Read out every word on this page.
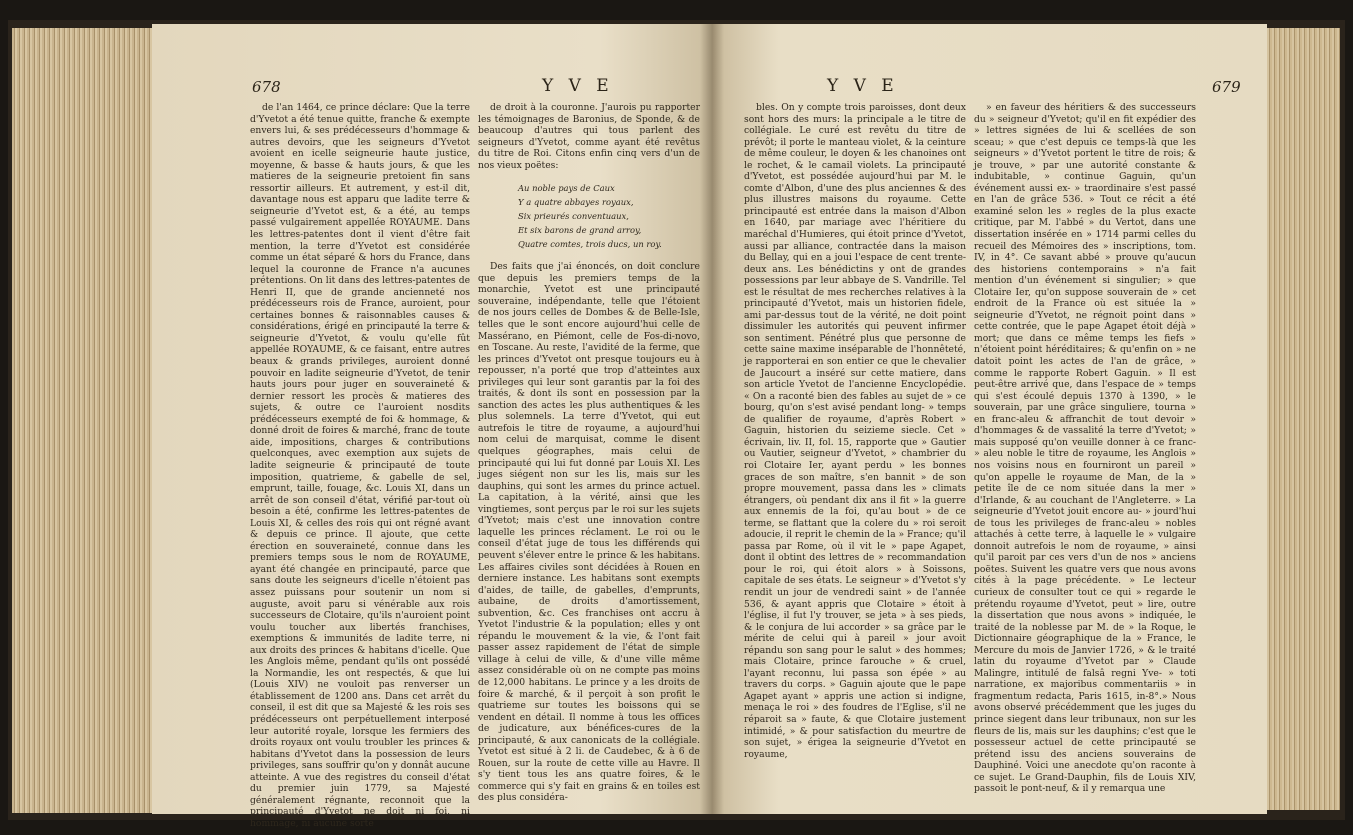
678	Y V E

de l'an 1464, ce prince déclare: Que la terre d'Yvetot a été tenue quitte, franche & exempte envers lui, & ses prédécesseurs d'hommage & autres devoirs, que les seigneurs d'Yvetot avoient en icelle seigneurie haute justice, moyenne, & basse & hauts jours, & que les matieres de la seigneurie pretoient fin sans ressortir ailleurs. Et autrement, y est-il dit, davantage nous est apparu que ladite terre & seigneurie d'Yvetot est, & a été, au temps passé vulgairement appellée ROYAUME. Dans les lettres-patentes dont il vient d'être fait mention, la terre d'Yvetot est considérée comme un état séparé & hors du France, dans lequel la couronne de France n'a aucunes prétentions. On lit dans des lettres-patentes de Henri II, que de grande ancienneté nos prédécesseurs rois de France, auroient, pour certaines bonnes & raisonnables causes & considérations, érigé en principauté la terre & seigneurie d'Yvetot, & voulu qu'elle fût appellée ROYAUME, & ce faisant, entre autres beaux & grands privileges, auroient donné pouvoir en ladite seigneurie d'Yvetot, de tenir hauts jours pour juger en souveraineté & dernier ressort les procès & matieres des sujets, & outre ce l'auroient nosdits prédécesseurs exempté de foi & hommage, & donné droit de foires & marché, franc de toute aide, impositions, charges & contributions quelconques, avec exemption aux sujets de ladite seigneurie & principauté de toute imposition, quatrieme, & gabelle de sel, emprunt, taille, fouage, &c. Louis XI, dans un arrêt de son conseil d'état, vérifié par-tout où besoin a été, confirme les lettres-patentes de Louis XI, & celles des rois qui ont régné avant & depuis ce prince. Il ajoute, que cette érection en souveraineté, connue dans les premiers temps sous le nom de ROYAUME, ayant été changée en principauté, parce que sans doute les seigneurs d'icelle n'étoient pas assez puissans pour soutenir un nom si auguste, avoit paru si vénérable aux rois successeurs de Clotaire, qu'ils n'auroient point voulu toucher aux libertés franchises, exemptions & immunités de ladite terre, ni aux droits des princes & habitans d'icelle. Que les Anglois même, pendant qu'ils ont possédé la Normandie, les ont respectés, & que lui (Louis XIV) ne vouloit pas renverser un établissement de 1200 ans. Dans cet arrêt du conseil, il est dit que sa Majesté & les rois ses prédécesseurs ont perpétuellement interposé leur autorité royale, lorsque les fermiers des droits royaux ont voulu troubler les princes & habitans d'Yvetot dans la possession de leurs privileges, sans souffrir qu'on y donnât aucune atteinte. A vue des registres du conseil d'état du premier juin 1779, sa Majesté généralement régnante, reconnoit que la principauté d'Yvetot ne doit ni foi, ni hommage, ni aucune sorte

de droit à la couronne. J'aurois pu rapporter les témoignages de Baronius, de Sponde, & de beaucoup d'autres qui tous parlent des seigneurs d'Yvetot, comme ayant été revêtus du titre de Roi. Citons enfin cinq vers d'un de nos vieux poëtes:

Au noble pays de Caux
Y a quatre abbayes royaux,
Six prieurés conventuaux,
Et six barons de grand arroy,
Quatre comtes, trois ducs, un roy.

Des faits que j'ai énoncés, on doit conclure que depuis les premiers temps de la monarchie, Yvetot est une principauté souveraine, indépendante, telle que l'étoient de nos jours celles de Dombes & de Belle-Isle, telles que le sont encore aujourd'hui celle de Massérano, en Piémont, celle de Fos-di-novo, en Toscane. Au reste, l'avidité de la ferme, que les princes d'Yvetot ont presque toujours eu à repousser, n'a porté que trop d'atteintes aux privileges qui leur sont garantis par la foi des traités, & dont ils sont en possession par la sanction des actes les plus authentiques & les plus solemnels. La terre d'Yvetot, qui eut autrefois le titre de royaume, a aujourd'hui nom celui de marquisat, comme le disent quelques géographes, mais celui de principauté qui lui fut donné par Louis XI. Les juges siégent non sur les lis, mais sur les dauphins, qui sont les armes du prince actuel. La capitation, à la vérité, ainsi que les vingtiemes, sont perçus par le roi sur les sujets d'Yvetot; mais c'est une innovation contre laquelle les princes réclament. Le roi ou le conseil d'état juge de tous les différends qui peuvent s'élever entre le prince & les habitans. Les affaires civiles sont décidées à Rouen en derniere instance. Les habitans sont exempts d'aides, de taille, de gabelles, d'emprunts, aubaine, de droits d'amortissement, subvention, &c. Ces franchises ont accru à Yvetot l'industrie & la population; elles y ont répandu le mouvement & la vie, & l'ont fait passer assez rapidement de l'état de simple village à celui de ville, & d'une ville même assez considérable où on ne compte pas moins de 12,000 habitans. Le prince y a les droits de foire & marché, & il perçoit à son profit le quatrieme sur toutes les boissons qui se vendent en détail. Il nomme à tous les offices de judicature, aux bénéfices-cures de la principauté, & aux canonicats de la collégiale. Yvetot est situé à 2 li. de Caudebec, & à 6 de Rouen, sur la route de cette ville au Havre. Il s'y tient tous les ans quatre foires, & le commerce qui s'y fait en grains & en toiles est des plus considéra-

Y V E	679

bles. On y compte trois paroisses, dont deux sont hors des murs: la principale a le titre de collégiale. Le curé est revêtu du titre de prévôt; il porte le manteau violet, & la ceinture de même couleur, le doyen & les chanoines ont le rochet, & le camail violets. La principauté d'Yvetot, est possédée aujourd'hui par M. le comte d'Albon, d'une des plus anciennes & des plus illustres maisons du royaume. Cette principauté est entrée dans la maison d'Albon en 1640, par mariage avec l'héritiere du maréchal d'Humieres, qui étoit prince d'Yvetot, aussi par alliance, contractée dans la maison du Bellay, qui en a joui l'espace de cent trente-deux ans. Les bénédictins y ont de grandes possessions par leur abbaye de S. Vandrille. Tel est le résultat de mes recherches relatives à la principauté d'Yvetot, mais un historien fidele, ami par-dessus tout de la vérité, ne doit point dissimuler les autorités qui peuvent infirmer son sentiment. Pénétré plus que personne de cette saine maxime inséparable de l'honnêteté, je rapporterai en son entier ce que le chevalier de Jaucourt a inséré sur cette matiere, dans son article Yvetot de l'ancienne Encyclopédie. « On a raconté bien des fables au sujet de » ce bourg, qu'on s'est avisé pendant long- » temps de qualifier de royaume, d'après Robert » Gaguin, historien du seizieme siecle. Cet » écrivain, liv. II, fol. 15, rapporte que » Gautier ou Vautier, seigneur d'Yvetot, » chambrier du roi Clotaire Ier, ayant perdu » les bonnes graces de son maître, s'en bannit » de son propre mouvement, passa dans les » climats étrangers, où pendant dix ans il fit » la guerre aux ennemis de la foi, qu'au bout » de ce terme, se flattant que la colere du » roi seroit adoucie, il reprit le chemin de la » France; qu'il passa par Rome, où il vit le » pape Agapet, dont il obtint des lettres de » recommandation pour le roi, qui étoit alors » à Soissons, capitale de ses états. Le seigneur » d'Yvetot s'y rendit un jour de vendredi saint » de l'année 536, & ayant appris que Clotaire » étoit à l'église, il fut l'y trouver, se jeta » à ses pieds, & le conjura de lui accorder » sa grâce par le mérite de celui qui à pareil » jour avoit répandu son sang pour le salut » des hommes; mais Clotaire, prince farouche » & cruel, l'ayant reconnu, lui passa son épée » au travers du corps. » Gaguin ajoute que le pape Agapet ayant » appris une action si indigne, menaça le roi » des foudres de l'Eglise, s'il ne réparoit sa » faute, & que Clotaire justement intimidé, » & pour satisfaction du meurtre de son sujet, » érigea la seigneurie d'Yvetot en royaume,

» en faveur des héritiers & des successeurs du » seigneur d'Yvetot; qu'il en fit expédier des » lettres signées de lui & scellées de son sceau; » que c'est depuis ce temps-là que les seigneurs » d'Yvetot portent le titre de rois; & je trouve, » par une autorité constante & indubitable, » continue Gaguin, qu'un événement aussi ex- » traordinaire s'est passé en l'an de grâce 536. » Tout ce récit a été examiné selon les » regles de la plus exacte critique, par M. l'abbé » du Vertot, dans une dissertation insérée en » 1714 parmi celles du recueil des Mémoires des » inscriptions, tom. IV, in 4°. Ce savant abbé » prouve qu'aucun des historiens contemporains » n'a fait mention d'un événement si singulier; » que Clotaire Ier, qu'on suppose souverain de » cet endroit de la France où est située la » seigneurie d'Yvetot, ne régnoit point dans » cette contrée, que le pape Agapet étoit déjà » mort; que dans ce même temps les fiefs » n'étoient point héréditaires; & qu'enfin on » ne datoit point les actes de l'an de grâce, » comme le rapporte Robert Gaguin. » Il est peut-être arrivé que, dans l'espace de » temps qui s'est écoulé depuis 1370 à 1390, » le souverain, par une grâce singuliere, tourna » en franc-aleu & affranchit de tout devoir » d'hommages & de vassalité la terre d'Yvetot; » mais supposé qu'on veuille donner à ce franc- » aleu noble le titre de royaume, les Anglois » nos voisins nous en fourniront un pareil » qu'on appelle le royaume de Man, de la » petite île de ce nom située dans la mer » d'Irlande, & au couchant de l'Angleterre. » La seigneurie d'Yvetot jouit encore au- » jourd'hui de tous les privileges de franc-aleu » nobles attachés à cette terre, à laquelle le » vulgaire donnoit autrefois le nom de royaume, » ainsi qu'il paroit par ces vers d'un de nos » anciens poëtes. Suivent les quatre vers que nous avons cités à la page précédente. » Le lecteur curieux de consulter tout ce qui » regarde le prétendu royaume d'Yvetot, peut » lire, outre la dissertation que nous avons » indiquée, le traité de la noblesse par M. de » la Roque, le Dictionnaire géographique de la » France, le Mercure du mois de Janvier 1726, » & le traité latin du royaume d'Yvetot par » Claude Malingre, intitulé de falsâ regni Yve- » toti narratione, ex majoribus commentariis » in fragmentum redacta, Paris 1615, in-8°.» Nous avons observé précédemment que les juges du prince siegent dans leur tribunaux, non sur les fleurs de lis, mais sur les dauphins; c'est que le possesseur actuel de cette principauté se prétend issu des anciens souverains de Dauphiné. Voici une anecdote qu'on raconte à ce sujet. Le Grand-Dauphin, fils de Louis XIV, passoit le pont-neuf, & il y remarqua une
